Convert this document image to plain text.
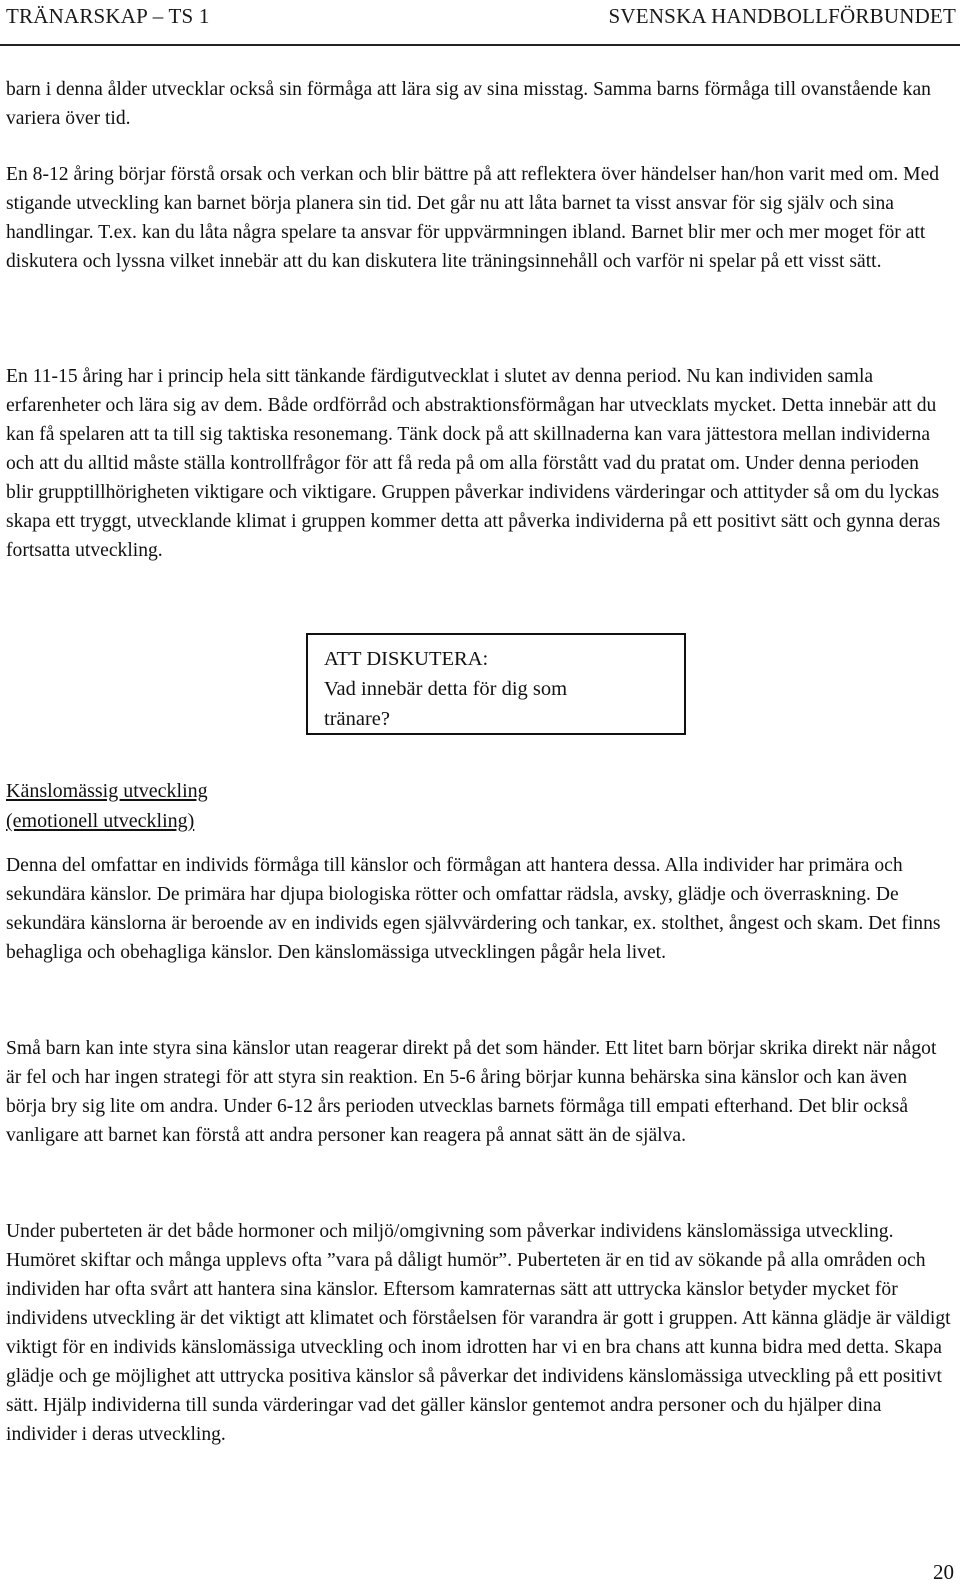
TRÄNARSKAP – TS 1	SVENSKA HANDBOLLFÖRBUNDET

barn i denna ålder utvecklar också sin förmåga att lära sig av sina misstag. Samma barns förmåga till ovanstående kan variera över tid.

En 8-12 åring börjar förstå orsak och verkan och blir bättre på att reflektera över händelser han/hon varit med om. Med stigande utveckling kan barnet börja planera sin tid. Det går nu att låta barnet ta visst ansvar för sig själv och sina handlingar. T.ex. kan du låta några spelare ta ansvar för uppvärmningen ibland. Barnet blir mer och mer moget för att diskutera och lyssna vilket innebär att du kan diskutera lite träningsinnehåll och varför ni spelar på ett visst sätt.

En 11-15 åring har i princip hela sitt tänkande färdigutvecklat i slutet av denna period. Nu kan individen samla erfarenheter och lära sig av dem. Både ordförråd och abstraktionsförmågan har utvecklats mycket. Detta innebär att du kan få spelaren att ta till sig taktiska resonemang. Tänk dock på att skillnaderna kan vara jättestora mellan individerna och att du alltid måste ställa kontrollfrågor för att få reda på om alla förstått vad du pratat om. Under denna perioden blir grupptillhörigheten viktigare och viktigare. Gruppen påverkar individens värderingar och attityder så om du lyckas skapa ett tryggt, utvecklande klimat i gruppen kommer detta att påverka individerna på ett positivt sätt och gynna deras fortsatta utveckling.

ATT DISKUTERA:
Vad innebär detta för dig som
tränare?
Känslomässig utveckling
(emotionell utveckling)

Denna del omfattar en individs förmåga till känslor och förmågan att hantera dessa. Alla individer har primära och sekundära känslor. De primära har djupa biologiska rötter och omfattar rädsla, avsky, glädje och överraskning. De sekundära känslorna är beroende av en individs egen självvärdering och tankar, ex. stolthet, ångest och skam. Det finns behagliga och obehagliga känslor. Den känslomässiga utvecklingen pågår hela livet.

Små barn kan inte styra sina känslor utan reagerar direkt på det som händer. Ett litet barn börjar skrika direkt när något är fel och har ingen strategi för att styra sin reaktion. En 5-6 åring börjar kunna behärska sina känslor och kan även börja bry sig lite om andra. Under 6-12 års perioden utvecklas barnets förmåga till empati efterhand. Det blir också vanligare att barnet kan förstå att andra personer kan reagera på annat sätt än de själva.

Under puberteten är det både hormoner och miljö/omgivning som påverkar individens känslomässiga utveckling. Humöret skiftar och många upplevs ofta ”vara på dåligt humör”. Puberteten är en tid av sökande på alla områden och individen har ofta svårt att hantera sina känslor. Eftersom kamraternas sätt att uttrycka känslor betyder mycket för individens utveckling är det viktigt att klimatet och förståelsen för varandra är gott i gruppen. Att känna glädje är väldigt viktigt för en individs känslomässiga utveckling och inom idrotten har vi en bra chans att kunna bidra med detta. Skapa glädje och ge möjlighet att uttrycka positiva känslor så påverkar det individens känslomässiga utveckling på ett positivt sätt. Hjälp individerna till sunda värderingar vad det gäller känslor gentemot andra personer och du hjälper dina individer i deras utveckling.

20
